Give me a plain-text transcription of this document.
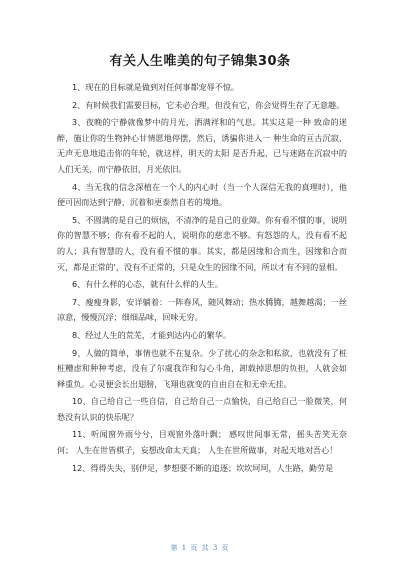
有关人生唯美的句子锦集30条

1、现在的目标就是做到对任何事都宠辱不惊。

2、有时候我们需要目标，它未必合理，但没有它，你会觉得生存了无意趣。

3、夜晚的宁静就像梦中的月光，洒满祥和的气息。其实这是一种 致命的迷醉，施让你的生物钟心甘情愿地停摆，然后，诱骗你进入一 种生命的亘古沉寂，无声无息地追击你的年轮，就这样，明天的太阳 是否升起，已与迷路在沉寂中的人们无关，而宁静依旧，月光依旧。

4、当无我的信念深植在一个人的内心时（当一个人深信无我的真理时），他便可因而达到宁静、沉着和更泰然自若的境地。

5、不圆满的是自己的烦恼，不清净的是自己的业障。你有看不惯的事，说明你的智慧不够；你有看不起的人，说明你的慈悲不够。有怒怨的人，没有看不起的人；具有智慧的人，没有看不惯的事。其实，都是因缘和合而生，因缘和合而灭，都是正常的'，没有不正常的，只是众生的因缘不同，所以才有不同的显相。

6、有什么样的心态，就有什么样的人生。

7、瘦瘦身影，安详躺着：一阵春风，随风舞动；热水腾腾，越舞越渴；一丝凉意，慢慢沉浮；细细品味，回味无穷。

8、经过人生的荒芜，才能到达内心的繁华。

9、人做的简单，事情也就不在复杂。少了扰心的杂念和私欲，也就没有了桩桩糟虑和种种考虑，没有了尔虞我诈和勾心斗角，卸载掉思想的负担，人就会如释重负。心灵便会长出翅膀，飞翔也就变的自由自在和无牵无挂。

10、自己给自己一些自信，自己给自己一点愉快，自己给自己一脸微笑，何愁没有认识的快乐呢？

11、听闻窗外雨兮兮，目观窗外落叶飘； 感叹世间事无常，摇头苦笑无奈何； 人生在世皆棋子，妄想改命太天真； 人生在世所做事，对起天地对吾心！

12、得得失失，别伊足，梦想要不断的追逐；坎坎坷坷，人生路，勤劳是

第 1 页 共 3 页
